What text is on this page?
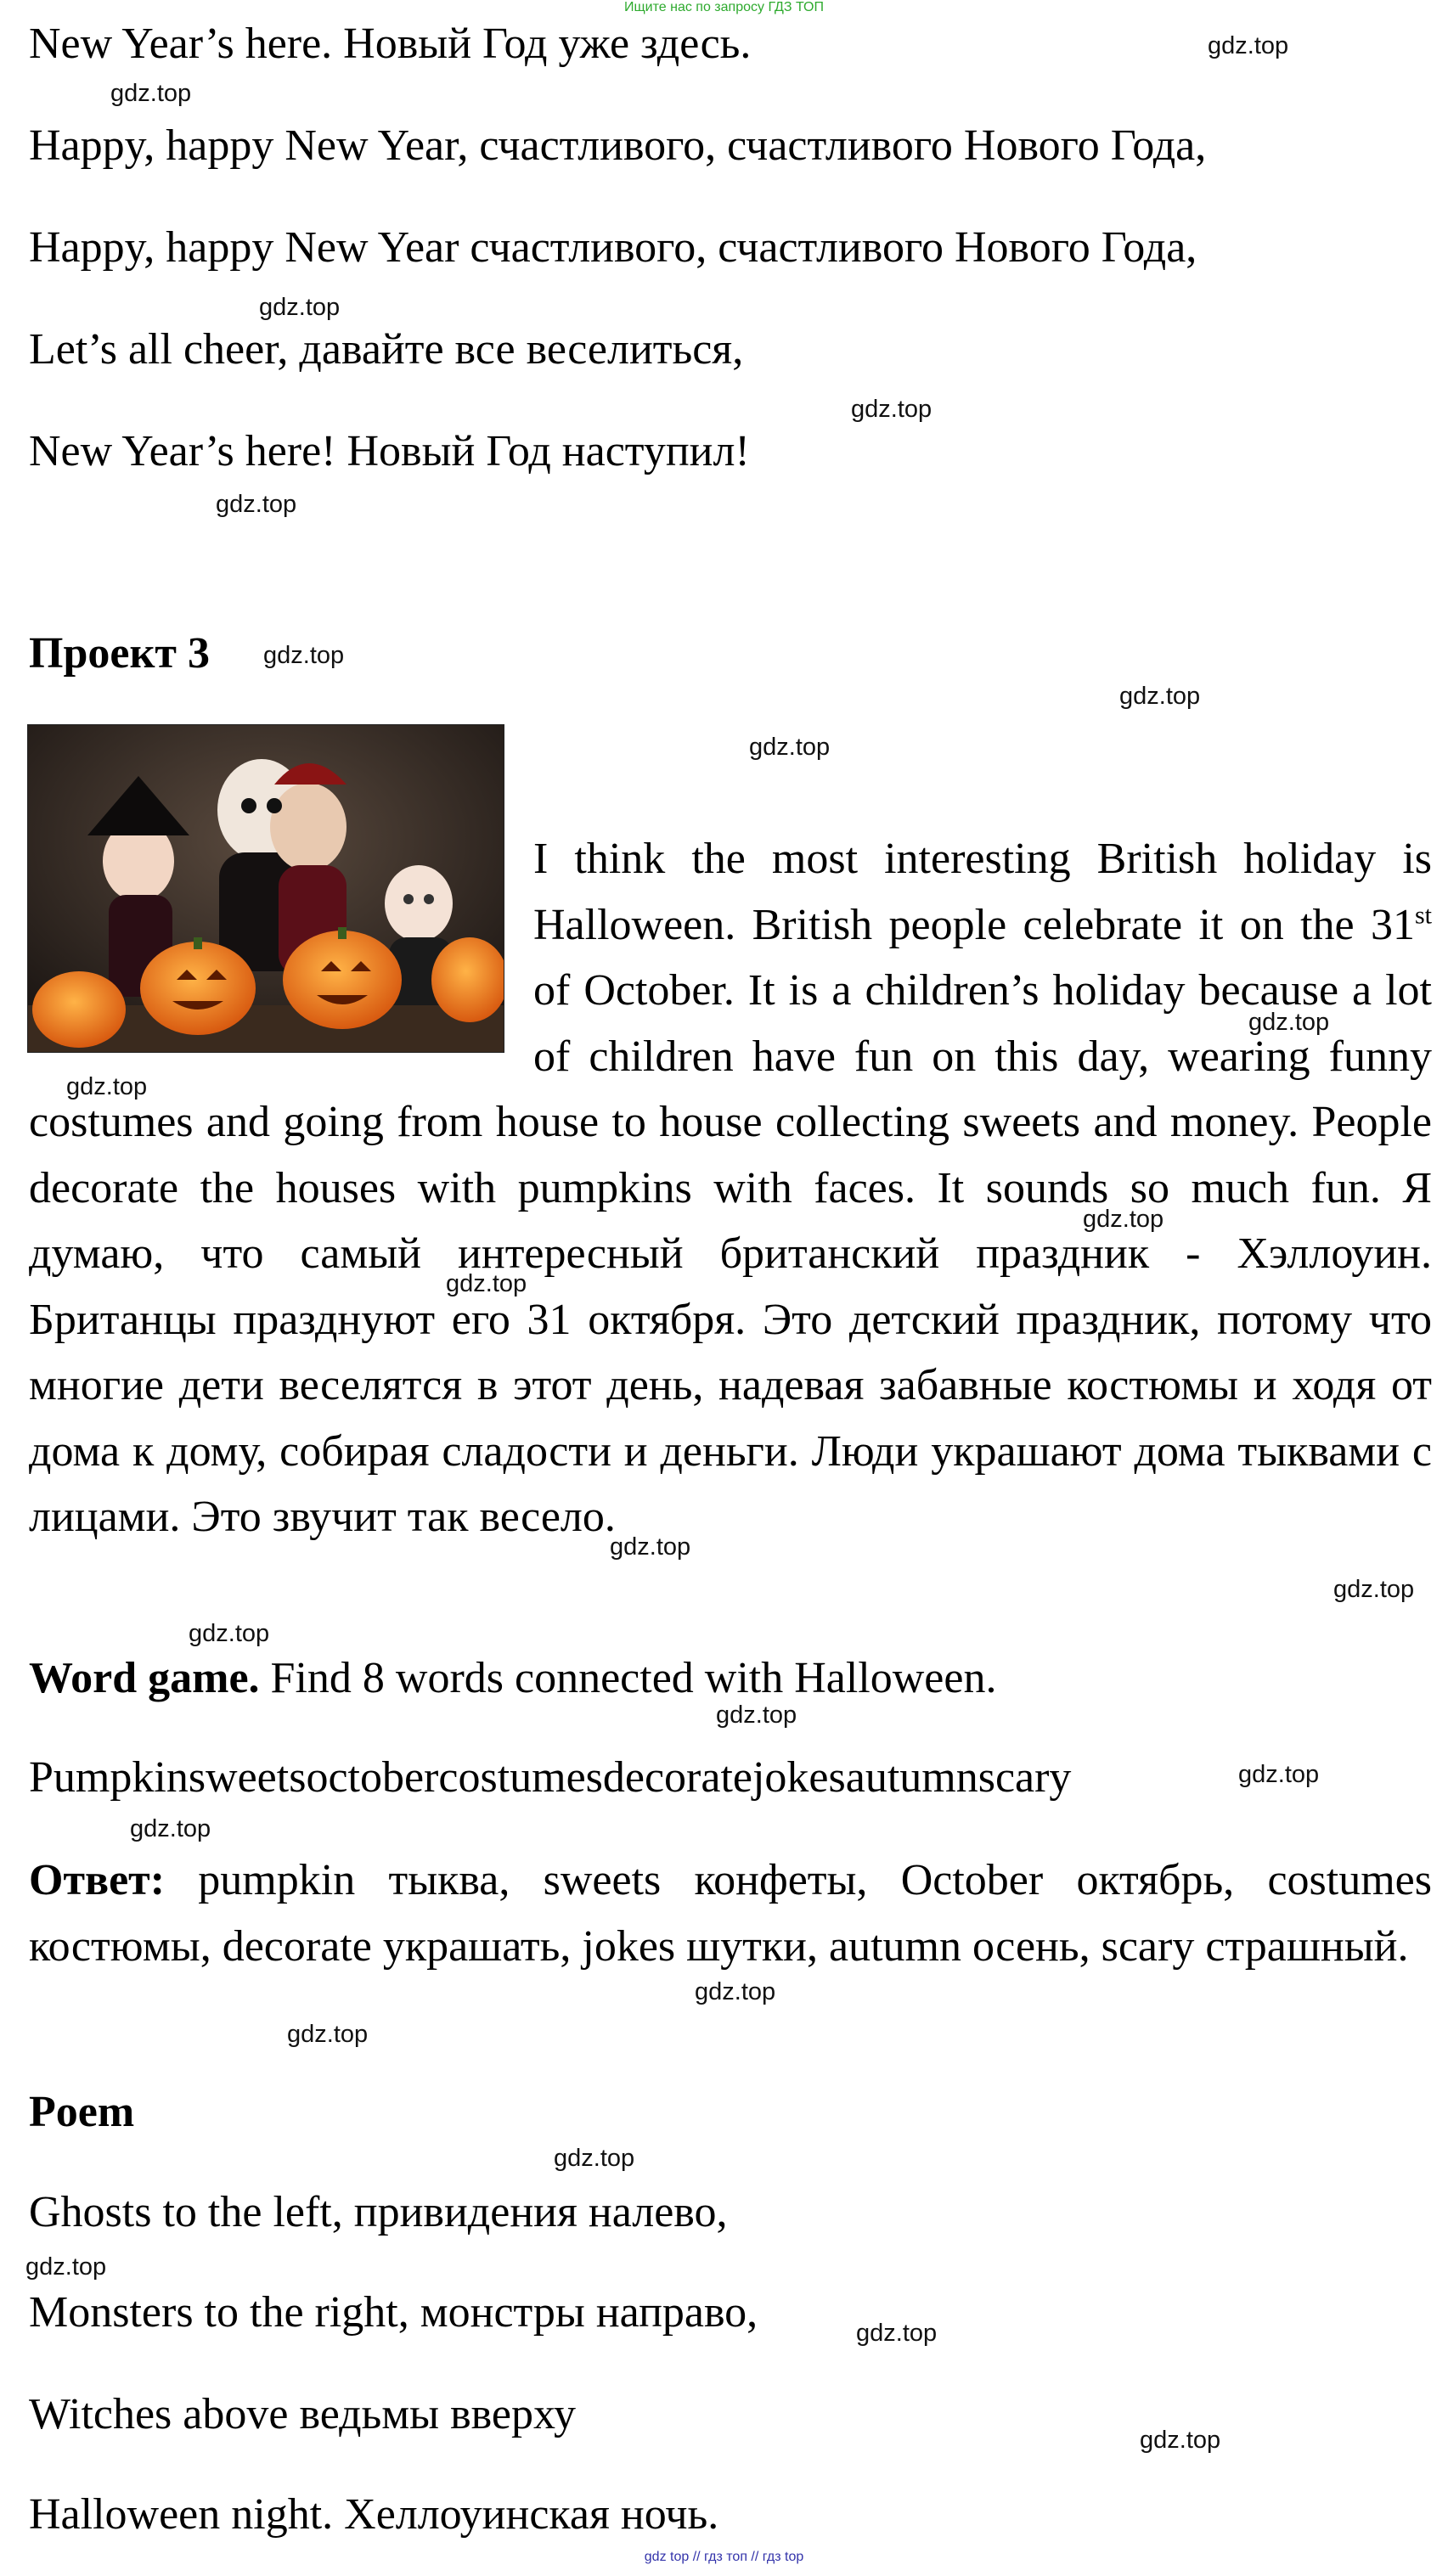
Ищите нас по запросу ГДЗ ТОП
New Year’s here. Новый Год уже здесь.
Happy, happy New Year, счастливого, счастливого Нового Года,
Happy, happy New Year счастливого, счастливого Нового Года,
Let’s all cheer, давайте все веселиться,
New Year’s here! Новый Год наступил!
Проект 3

I think the most interesting British holiday is Halloween. British people celebrate it on the 31st of October. It is a children’s holiday because a lot of children have fun on this day, wearing funny costumes and going from house to house collecting sweets and money. People decorate the houses with pumpkins with faces. It sounds so much fun. Я думаю, что самый интересный британский праздник - Хэллоуин. Британцы празднуют его 31 октября. Это детский праздник, потому что многие дети веселятся в этот день, надевая забавные костюмы и ходя от дома к дому, собирая сладости и деньги. Люди украшают дома тыквами с лицами. Это звучит так весело.

Word game. Find 8 words connected with Halloween.
Pumpkinsweetsoctobercostumesdecoratejokesautumnscary

Ответ: pumpkin тыква, sweets конфеты, October октябрь, costumes костюмы, decorate украшать, jokes шутки, autumn осень, scary страшный.

Poem
Ghosts to the left, привидения налево,
Monsters to the right, монстры направо,
Witches above ведьмы вверху
Halloween night. Хеллоуинская ночь.
gdz.top
gdz.top
gdz.top
gdz.top
gdz.top
gdz.top
gdz.top
gdz.top
gdz.top
gdz.top
gdz.top
gdz.top
gdz.top
gdz.top
gdz.top
gdz.top
gdz.top
gdz.top
gdz.top
gdz.top
gdz.top
gdz.top
gdz.top
gdz.top
gdz top // гдз топ // гдз top
